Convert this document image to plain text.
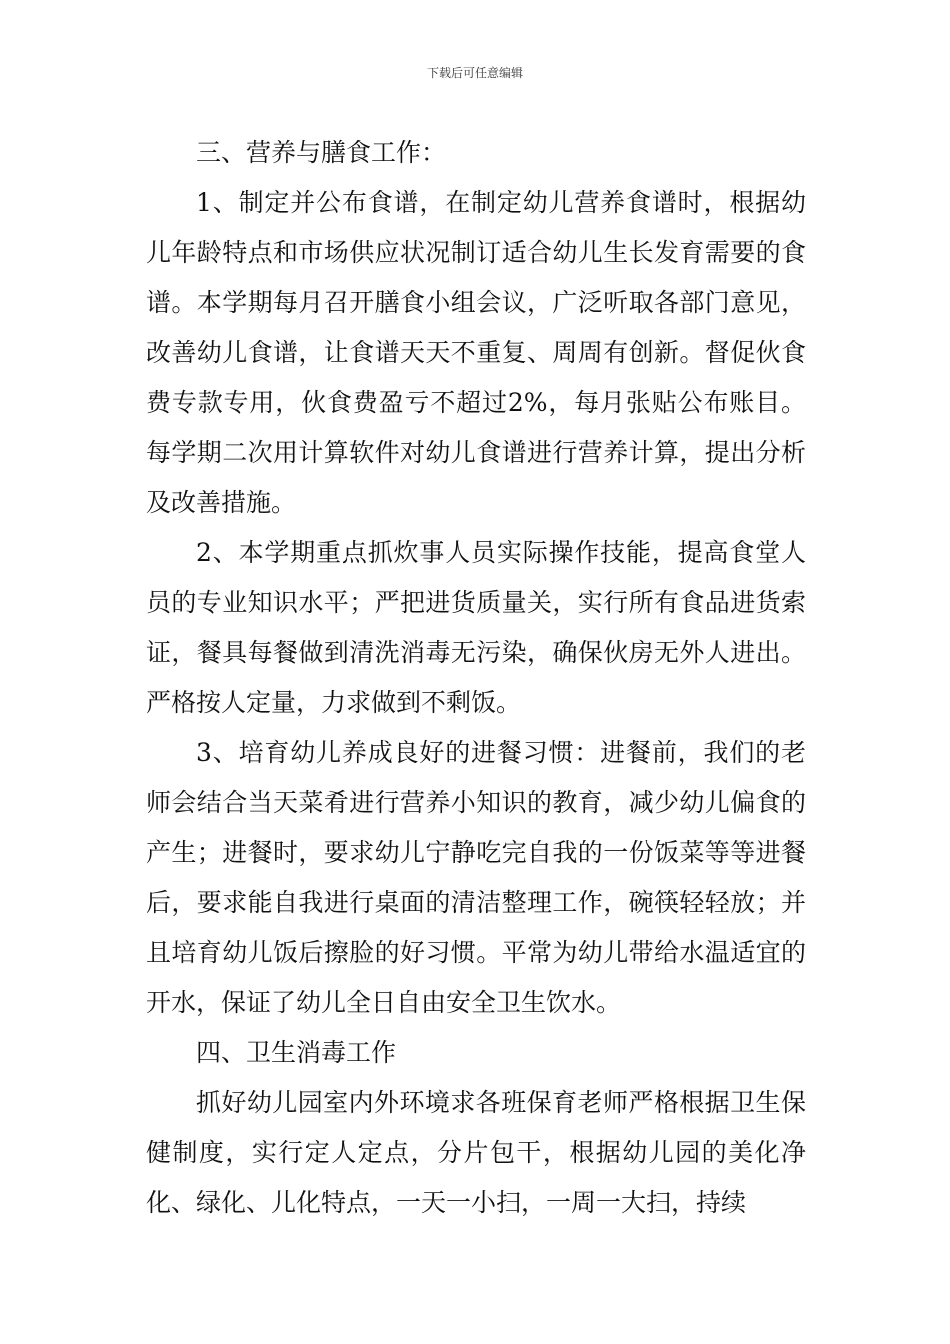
下载后可任意编辑

三、营养与膳食工作：

1、制定并公布食谱，在制定幼儿营养食谱时，根据幼儿年龄特点和市场供应状况制订适合幼儿生长发育需要的食谱。本学期每月召开膳食小组会议，广泛听取各部门意见，改善幼儿食谱，让食谱天天不重复、周周有创新。督促伙食费专款专用，伙食费盈亏不超过2%，每月张贴公布账目。每学期二次用计算软件对幼儿食谱进行营养计算，提出分析及改善措施。

2、本学期重点抓炊事人员实际操作技能，提高食堂人员的专业知识水平；严把进货质量关，实行所有食品进货索证，餐具每餐做到清洗消毒无污染，确保伙房无外人进出。严格按人定量，力求做到不剩饭。

3、培育幼儿养成良好的进餐习惯：进餐前，我们的老师会结合当天菜肴进行营养小知识的教育，减少幼儿偏食的产生；进餐时，要求幼儿宁静吃完自我的一份饭菜等等进餐后，要求能自我进行桌面的清洁整理工作，碗筷轻轻放；并且培育幼儿饭后擦脸的好习惯。平常为幼儿带给水温适宜的开水，保证了幼儿全日自由安全卫生饮水。

四、卫生消毒工作

抓好幼儿园室内外环境求各班保育老师严格根据卫生保健制度，实行定人定点，分片包干，根据幼儿园的美化净化、绿化、儿化特点，一天一小扫，一周一大扫，持续
